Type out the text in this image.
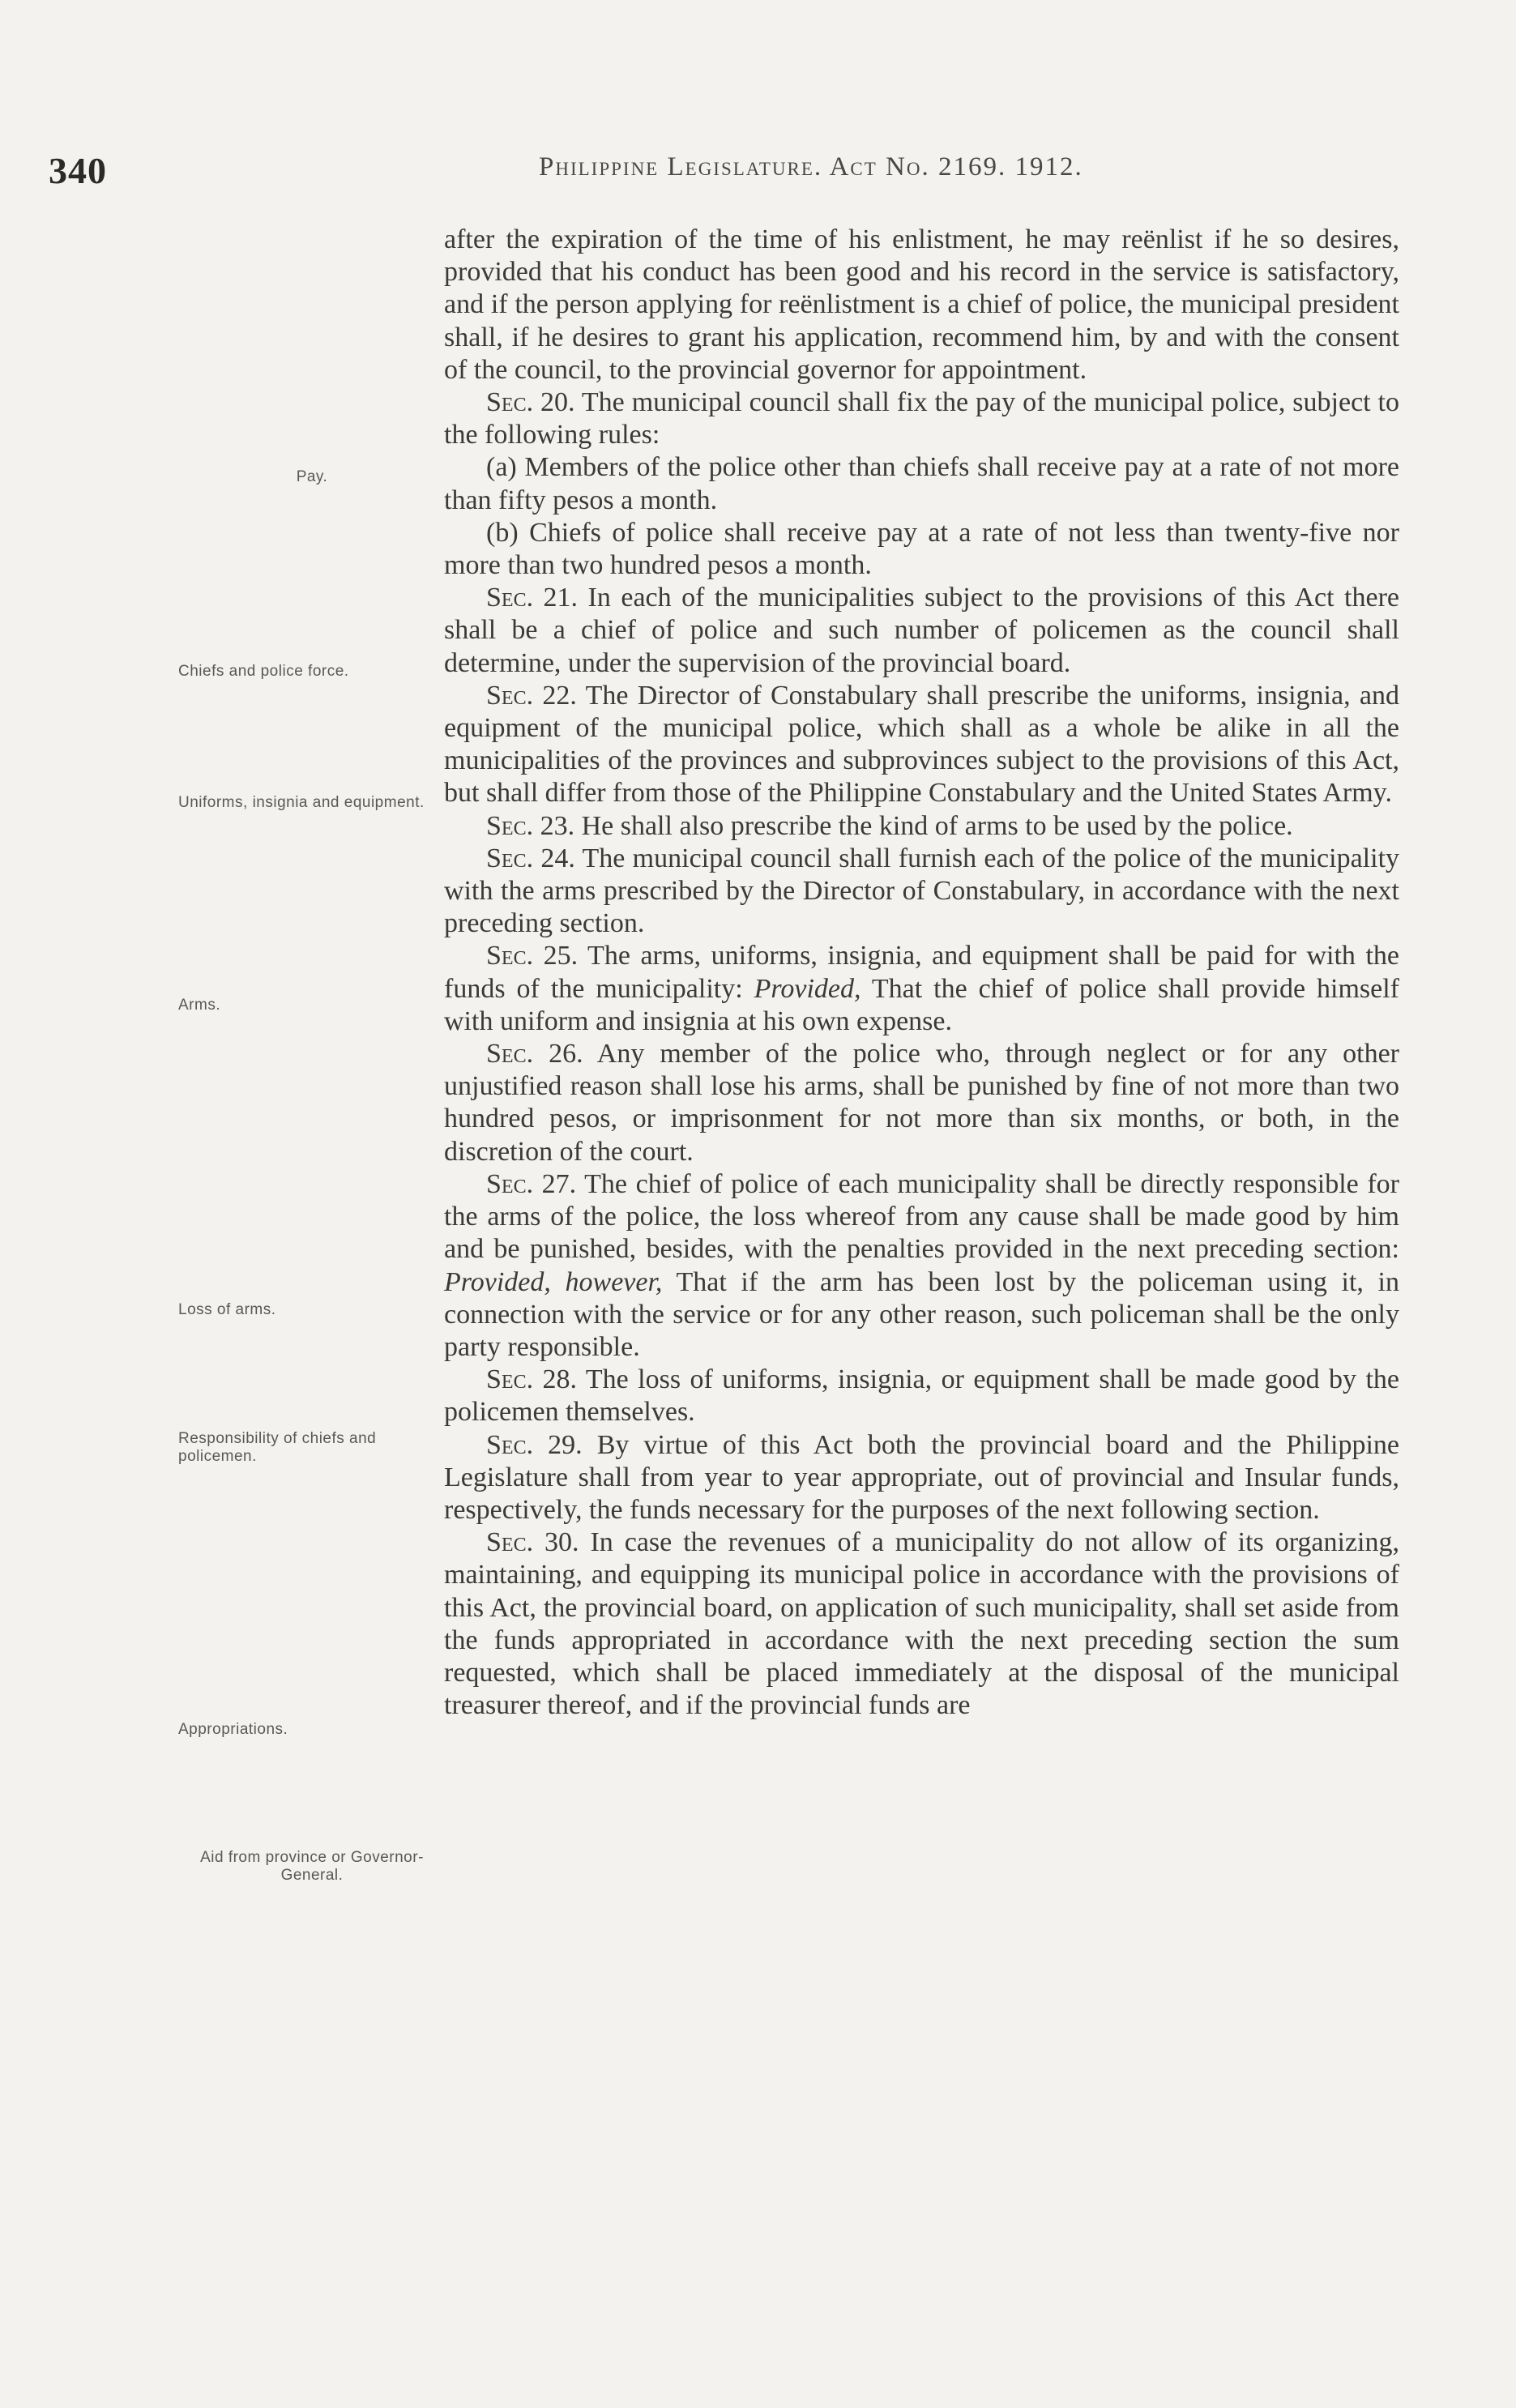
340	Philippine Legislature. Act No. 2169. 1912.
Pay.
Chiefs and police force.
Uniforms, insignia and equipment.
Arms.
Loss of arms.
Responsibility of chiefs and policemen.
Appropriations.
Aid from province or Governor-General.

after the expiration of the time of his enlistment, he may reënlist if he so desires, provided that his conduct has been good and his record in the service is satisfactory, and if the person applying for reënlistment is a chief of police, the municipal president shall, if he desires to grant his application, recommend him, by and with the consent of the council, to the provincial governor for appointment.

Sec. 20. The municipal council shall fix the pay of the municipal police, subject to the following rules:

(a) Members of the police other than chiefs shall receive pay at a rate of not more than fifty pesos a month.

(b) Chiefs of police shall receive pay at a rate of not less than twenty-five nor more than two hundred pesos a month.

Sec. 21. In each of the municipalities subject to the provisions of this Act there shall be a chief of police and such number of policemen as the council shall determine, under the supervision of the provincial board.

Sec. 22. The Director of Constabulary shall prescribe the uniforms, insignia, and equipment of the municipal police, which shall as a whole be alike in all the municipalities of the provinces and subprovinces subject to the provisions of this Act, but shall differ from those of the Philippine Constabulary and the United States Army.

Sec. 23. He shall also prescribe the kind of arms to be used by the police.

Sec. 24. The municipal council shall furnish each of the police of the municipality with the arms prescribed by the Director of Constabulary, in accordance with the next preceding section.

Sec. 25. The arms, uniforms, insignia, and equipment shall be paid for with the funds of the municipality: Provided, That the chief of police shall provide himself with uniform and insignia at his own expense.

Sec. 26. Any member of the police who, through neglect or for any other unjustified reason shall lose his arms, shall be punished by fine of not more than two hundred pesos, or imprisonment for not more than six months, or both, in the discretion of the court.

Sec. 27. The chief of police of each municipality shall be directly responsible for the arms of the police, the loss whereof from any cause shall be made good by him and be punished, besides, with the penalties provided in the next preceding section: Provided, however, That if the arm has been lost by the policeman using it, in connection with the service or for any other reason, such policeman shall be the only party responsible.

Sec. 28. The loss of uniforms, insignia, or equipment shall be made good by the policemen themselves.

Sec. 29. By virtue of this Act both the provincial board and the Philippine Legislature shall from year to year appropriate, out of provincial and Insular funds, respectively, the funds necessary for the purposes of the next following section.

Sec. 30. In case the revenues of a municipality do not allow of its organizing, maintaining, and equipping its municipal police in accordance with the provisions of this Act, the provincial board, on application of such municipality, shall set aside from the funds appropriated in accordance with the next preceding section the sum requested, which shall be placed immediately at the disposal of the municipal treasurer thereof, and if the provincial funds are
